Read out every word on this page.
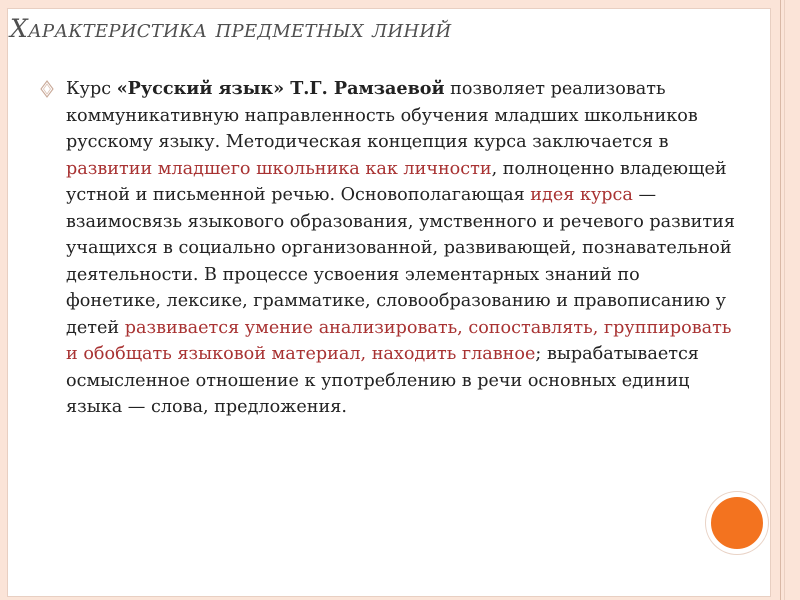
Характеристика предметных линий
Курс «Русский язык» Т.Г. Рамзаевой позволяет реализовать коммуникативную направленность обучения младших школьников русскому языку. Методическая концепция курса заключается в развитии младшего школьника как личности, полноценно владеющей устной и письменной речью. Основополагающая идея курса — взаимосвязь языкового образования, умственного и речевого развития учащихся в социально организованной, развивающей, познавательной деятельности. В процессе усвоения элементарных знаний по фонетике, лексике, грамматике, словообразованию и правописанию у детей развивается умение анализировать, сопоставлять, группировать и обобщать языковой материал, находить главное; вырабатывается осмысленное отношение к употреблению в речи основных единиц языка — слова, предложения.
